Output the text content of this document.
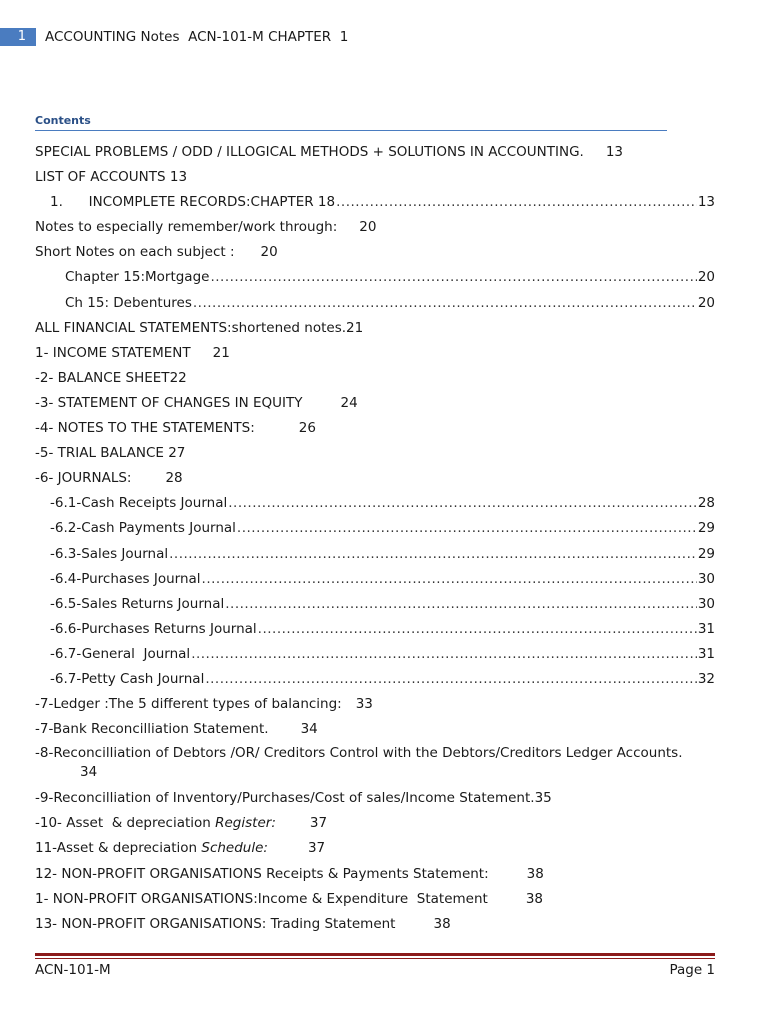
1	ACCOUNTING Notes  ACN-101-M CHAPTER  1
Contents
SPECIAL PROBLEMS / ODD / ILLOGICAL METHODS + SOLUTIONS IN ACCOUNTING. 13
LIST OF ACCOUNTS 13
1.      INCOMPLETE RECORDS:CHAPTER 18 .....	13
Notes to especially remember/work through: 20
Short Notes on each subject : 20
Chapter 15:Mortgage .....	20
Ch 15: Debentures .....	20
ALL FINANCIAL STATEMENTS:shortened notes.21
1- INCOME STATEMENT 21
-2- BALANCE SHEET22
-3- STATEMENT OF CHANGES IN EQUITY	24
-4- NOTES TO THE STATEMENTS:	26
-5- TRIAL BALANCE 27
-6- JOURNALS:	28
-6.1-Cash Receipts Journal .....	28
-6.2-Cash Payments Journal .....	29
-6.3-Sales Journal .....	29
-6.4-Purchases Journal .....	30
-6.5-Sales Returns Journal .....	30
-6.6-Purchases Returns Journal .....	31
-6.7-General  Journal .....	31
-6.7-Petty Cash Journal .....	32
-7-Ledger :The 5 different types of balancing: 33
-7-Bank Reconcilliation Statement. 34
-8-Reconcilliation of Debtors /OR/ Creditors Control with the Debtors/Creditors Ledger Accounts.
34
-9-Reconcilliation of Inventory/Purchases/Cost of sales/Income Statement.35
-10- Asset  & depreciation Register:	37
11-Asset & depreciation Schedule:	37
12- NON-PROFIT ORGANISATIONS Receipts & Payments Statement:	38
1- NON-PROFIT ORGANISATIONS:Income & Expenditure  Statement	38
13- NON-PROFIT ORGANISATIONS: Trading Statement	38
ACN-101-M	Page 1
